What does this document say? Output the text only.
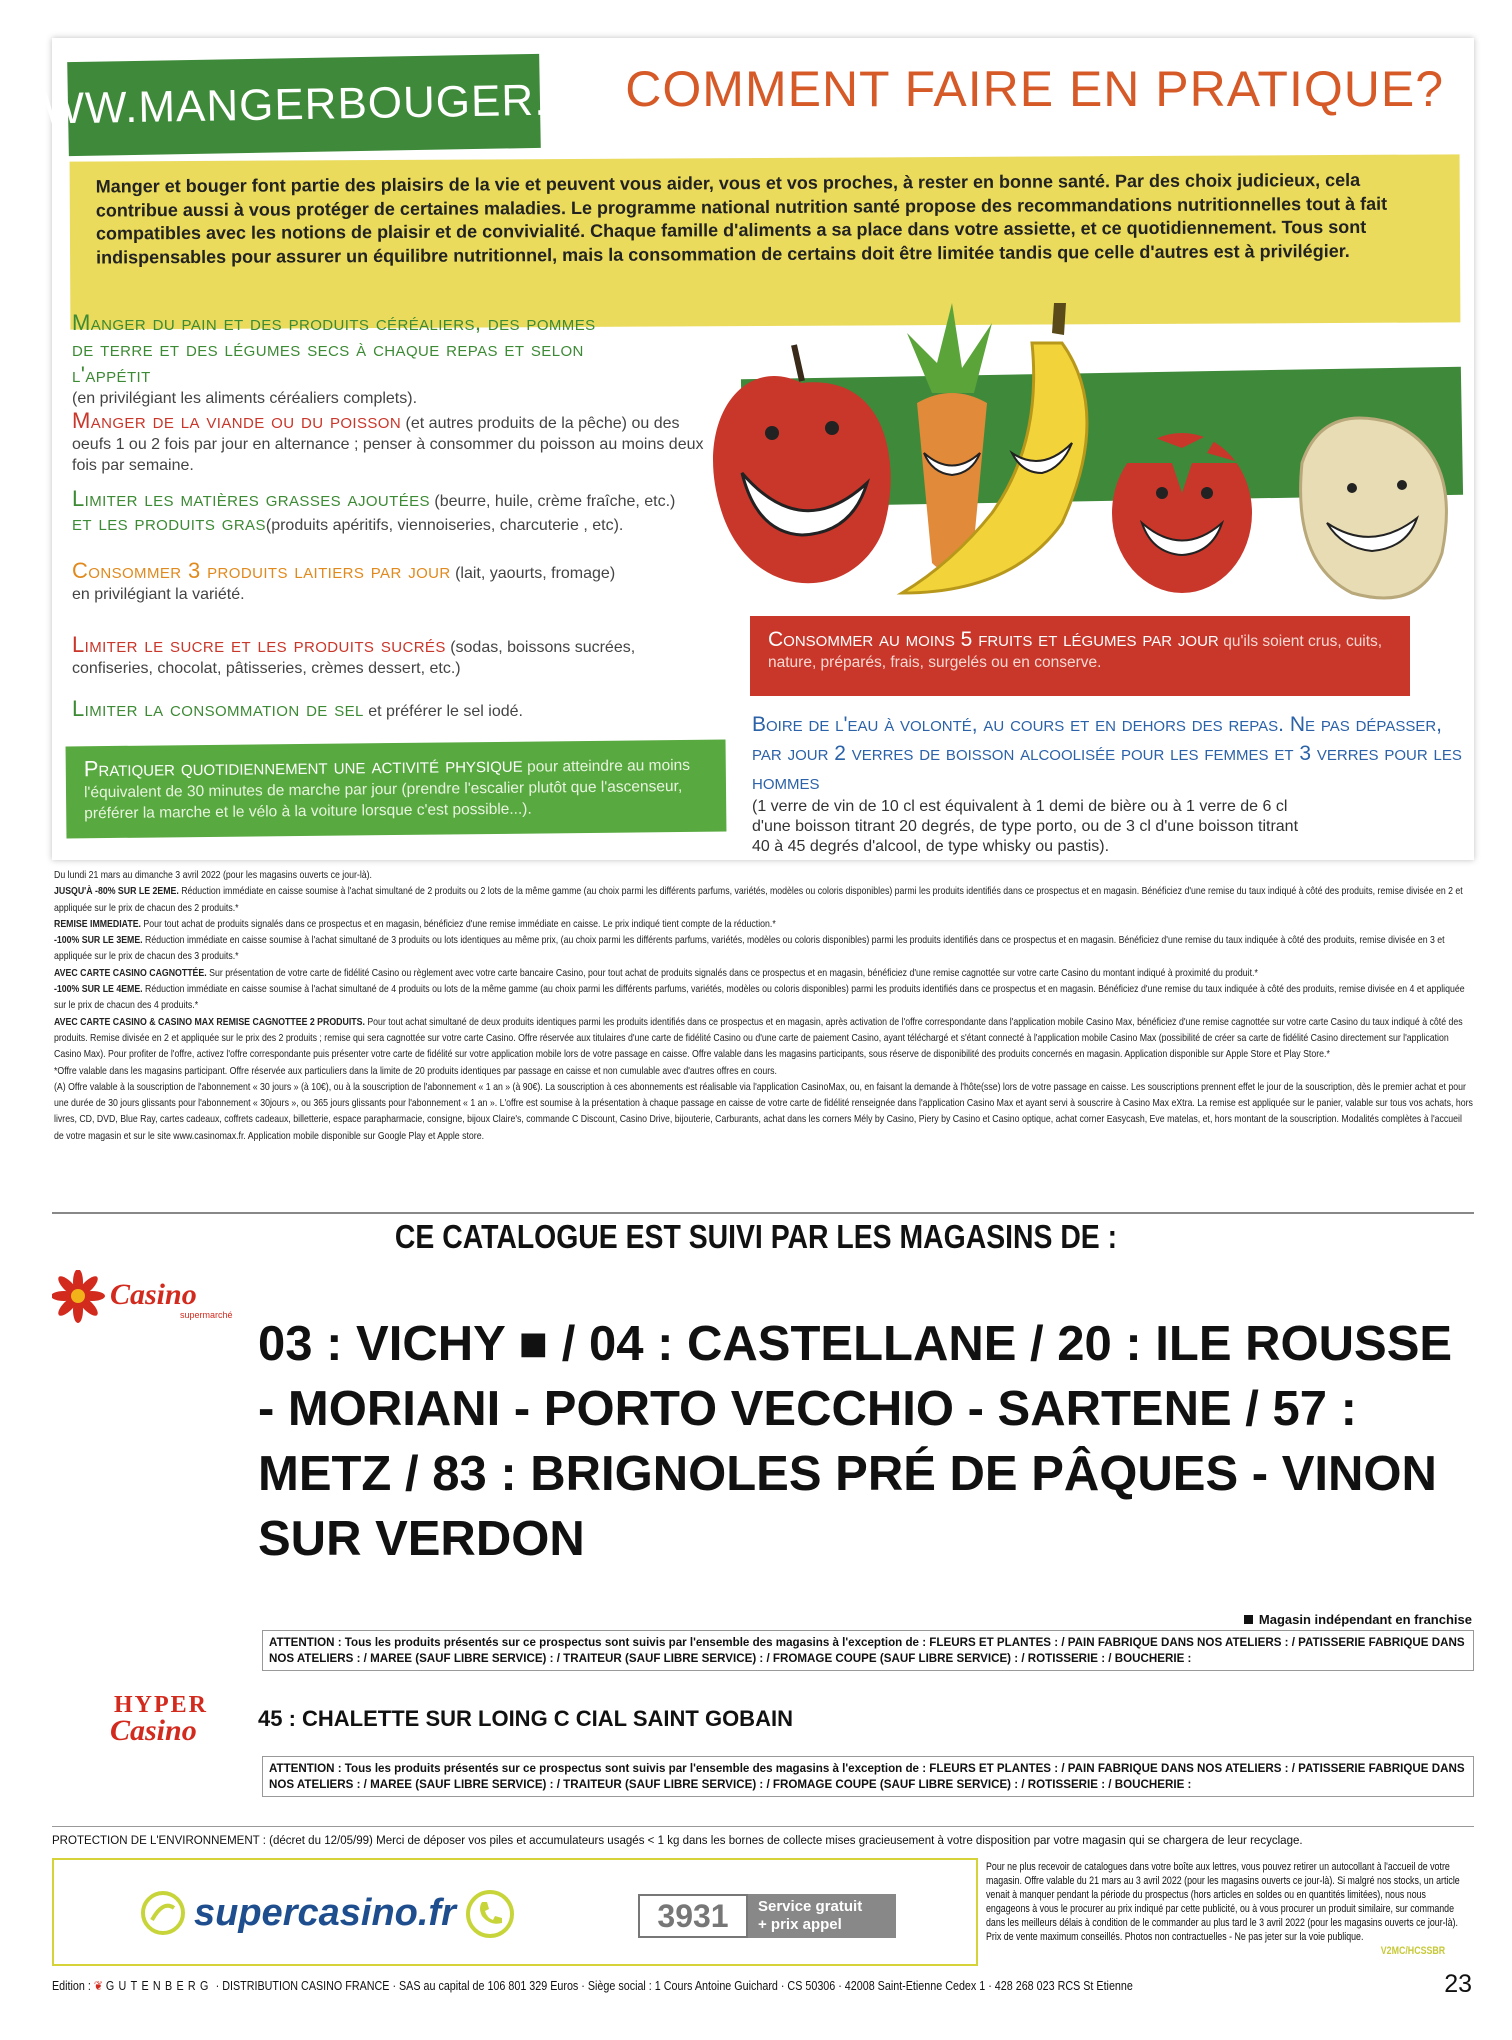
WWW.MANGERBOUGER.FR COMMENT FAIRE EN PRATIQUE?

Manger et bouger font partie des plaisirs de la vie et peuvent vous aider, vous et vos proches, à rester en bonne santé. Par des choix judicieux, cela contribue aussi à vous protéger de certaines maladies. Le programme national nutrition santé propose des recommandations nutritionnelles tout à fait compatibles avec les notions de plaisir et de convivialité. Chaque famille d'aliments a sa place dans votre assiette, et ce quotidiennement. Tous sont indispensables pour assurer un équilibre nutritionnel, mais la consommation de certains doit être limitée tandis que celle d'autres est à privilégier.

Manger du pain et des produits céréaliers, des pommes de terre et des légumes secs à chaque repas et selon l'appétit
(en privilégiant les aliments céréaliers complets).
Manger de la viande ou du poisson (et autres produits de la pêche) ou des oeufs 1 ou 2 fois par jour en alternance ; penser à consommer du poisson au moins deux fois par semaine.
Limiter les matières grasses ajoutées (beurre, huile, crème fraîche, etc.)
et les produits gras(produits apéritifs, viennoiseries, charcuterie , etc).
Consommer 3 produits laitiers par jour (lait, yaourts, fromage) en privilégiant la variété.
Limiter le sucre et les produits sucrés (sodas, boissons sucrées, confiseries, chocolat, pâtisseries, crèmes dessert, etc.)
Limiter la consommation de sel et préférer le sel iodé.
Pratiquer quotidiennement une activité physique pour atteindre au moins l'équivalent de 30 minutes de marche par jour (prendre l'escalier plutôt que l'ascenseur, préférer la marche et le vélo à la voiture lorsque c'est possible...).
Consommer au moins 5 fruits et légumes par jour qu'ils soient crus, cuits, nature, préparés, frais, surgelés ou en conserve.
Boire de l'eau à volonté, au cours et en dehors des repas. Ne pas dépasser, par jour 2 verres de boisson alcoolisée pour les femmes et 3 verres pour les hommes
(1 verre de vin de 10 cl est équivalent à 1 demi de bière ou à 1 verre de 6 cl d'une boisson titrant 20 degrés, de type porto, ou de 3 cl d'une boisson titrant 40 à 45 degrés d'alcool, de type whisky ou pastis).
Du lundi 21 mars au dimanche 3 avril 2022 (pour les magasins ouverts ce jour-là).
JUSQU'À -80% SUR LE 2EME. Réduction immédiate en caisse soumise à l'achat simultané de 2 produits ou 2 lots de la même gamme (au choix parmi les différents parfums, variétés, modèles ou coloris disponibles) parmi les produits identifiés dans ce prospectus et en magasin. Bénéficiez d'une remise du taux indiqué à côté des produits, remise divisée en 2 et appliquée sur le prix de chacun des 2 produits.*
REMISE IMMEDIATE. Pour tout achat de produits signalés dans ce prospectus et en magasin, bénéficiez d'une remise immédiate en caisse. Le prix indiqué tient compte de la réduction.*
-100% SUR LE 3EME. Réduction immédiate en caisse soumise à l'achat simultané de 3 produits ou lots identiques au même prix, (au choix parmi les différents parfums, variétés, modèles ou coloris disponibles) parmi les produits identifiés dans ce prospectus et en magasin. Bénéficiez d'une remise du taux indiquée à côté des produits, remise divisée en 3 et appliquée sur le prix de chacun des 3 produits.*
AVEC CARTE CASINO CAGNOTTÉE. Sur présentation de votre carte de fidélité Casino ou règlement avec votre carte bancaire Casino, pour tout achat de produits signalés dans ce prospectus et en magasin, bénéficiez d'une remise cagnottée sur votre carte Casino du montant indiqué à proximité du produit.*
-100% SUR LE 4EME. Réduction immédiate en caisse soumise à l'achat simultané de 4 produits ou lots de la même gamme (au choix parmi les différents parfums, variétés, modèles ou coloris disponibles) parmi les produits identifiés dans ce prospectus et en magasin. Bénéficiez d'une remise du taux indiquée à côté des produits, remise divisée en 4 et appliquée sur le prix de chacun des 4 produits.*
AVEC CARTE CASINO & CASINO MAX REMISE CAGNOTTEE 2 PRODUITS. Pour tout achat simultané de deux produits identiques parmi les produits identifiés dans ce prospectus et en magasin, après activation de l'offre correspondante dans l'application mobile Casino Max, bénéficiez d'une remise cagnottée sur votre carte Casino du taux indiqué à côté des produits. Remise divisée en 2 et appliquée sur le prix des 2 produits ; remise qui sera cagnottée sur votre carte Casino. Offre réservée aux titulaires d'une carte de fidélité Casino ou d'une carte de paiement Casino, ayant téléchargé et s'étant connecté à l'application mobile Casino Max (possibilité de créer sa carte de fidélité Casino directement sur l'application Casino Max). Pour profiter de l'offre, activez l'offre correspondante puis présenter votre carte de fidélité sur votre application mobile lors de votre passage en caisse. Offre valable dans les magasins participants, sous réserve de disponibilité des produits concernés en magasin. Application disponible sur Apple Store et Play Store.*
*Offre valable dans les magasins participant. Offre réservée aux particuliers dans la limite de 20 produits identiques par passage en caisse et non cumulable avec d'autres offres en cours.
(A) Offre valable à la souscription de l'abonnement « 30 jours » (à 10€), ou à la souscription de l'abonnement « 1 an » (à 90€). La souscription à ces abonnements est réalisable via l'application CasinoMax, ou, en faisant la demande à l'hôte(sse) lors de votre passage en caisse. Les souscriptions prennent effet le jour de la souscription, dès le premier achat et pour une durée de 30 jours glissants pour l'abonnement « 30jours », ou 365 jours glissants pour l'abonnement « 1 an ». L'offre est soumise à la présentation à chaque passage en caisse de votre carte de fidélité renseignée dans l'application Casino Max et ayant servi à souscrire à Casino Max eXtra. La remise est appliquée sur le panier, valable sur tous vos achats, hors livres, CD, DVD, Blue Ray, cartes cadeaux, coffrets cadeaux, billetterie, espace parapharmacie, consigne, bijoux Claire's, commande C Discount, Casino Drive, bijouterie, Carburants, achat dans les corners Mély by Casino, Piery by Casino et Casino optique, achat corner Easycash, Eve matelas, et, hors montant de la souscription. Modalités complètes à l'accueil de votre magasin et sur le site www.casinomax.fr. Application mobile disponible sur Google Play et Apple store.
CE CATALOGUE EST SUIVI PAR LES MAGASINS DE :
Casino
supermarché
03 : VICHY ■ / 04 : CASTELLANE / 20 : ILE ROUSSE - MORIANI - PORTO VECCHIO - SARTENE / 57 : METZ / 83 : BRIGNOLES PRÉ DE PÂQUES - VINON SUR VERDON
Magasin indépendant en franchise
ATTENTION : Tous les produits présentés sur ce prospectus sont suivis par l'ensemble des magasins à l'exception de : FLEURS ET PLANTES : / PAIN FABRIQUE DANS NOS ATELIERS : / PATISSERIE FABRIQUE DANS NOS ATELIERS : / MAREE (SAUF LIBRE SERVICE) : / TRAITEUR (SAUF LIBRE SERVICE) : / FROMAGE COUPE (SAUF LIBRE SERVICE) : / ROTISSERIE : / BOUCHERIE :
HYPER
Casino	45 : CHALETTE SUR LOING C CIAL SAINT GOBAIN
ATTENTION : Tous les produits présentés sur ce prospectus sont suivis par l'ensemble des magasins à l'exception de : FLEURS ET PLANTES : / PAIN FABRIQUE DANS NOS ATELIERS : / PATISSERIE FABRIQUE DANS NOS ATELIERS : / MAREE (SAUF LIBRE SERVICE) : / TRAITEUR (SAUF LIBRE SERVICE) : / FROMAGE COUPE (SAUF LIBRE SERVICE) : / ROTISSERIE : / BOUCHERIE :
PROTECTION DE L'ENVIRONNEMENT : (décret du 12/05/99) Merci de déposer vos piles et accumulateurs usagés < 1 kg dans les bornes de collecte mises gracieusement à votre disposition par votre magasin qui se chargera de leur recyclage.
supercasino.fr	3931	Service gratuit
+ prix appel
Pour ne plus recevoir de catalogues dans votre boîte aux lettres, vous pouvez retirer un autocollant à l'accueil de votre magasin. Offre valable du 21 mars au 3 avril 2022 (pour les magasins ouverts ce jour-là). Si malgré nos stocks, un article venait à manquer pendant la période du prospectus (hors articles en soldes ou en quantités limitées), nous nous engageons à vous le procurer au prix indiqué par cette publicité, ou à vous procurer un produit similaire, sur commande dans les meilleurs délais à condition de le commander au plus tard le 3 avril 2022 (pour les magasins ouverts ce jour-là). Prix de vente maximum conseillés. Photos non contractuelles - Ne pas jeter sur la voie publique.
V2MC/HCSSBR
Edition : ❦ GUTENBERG · DISTRIBUTION CASINO FRANCE · SAS au capital de 106 801 329 Euros · Siège social : 1 Cours Antoine Guichard · CS 50306 · 42008 Saint-Etienne Cedex 1 · 428 268 023 RCS St Etienne	23
